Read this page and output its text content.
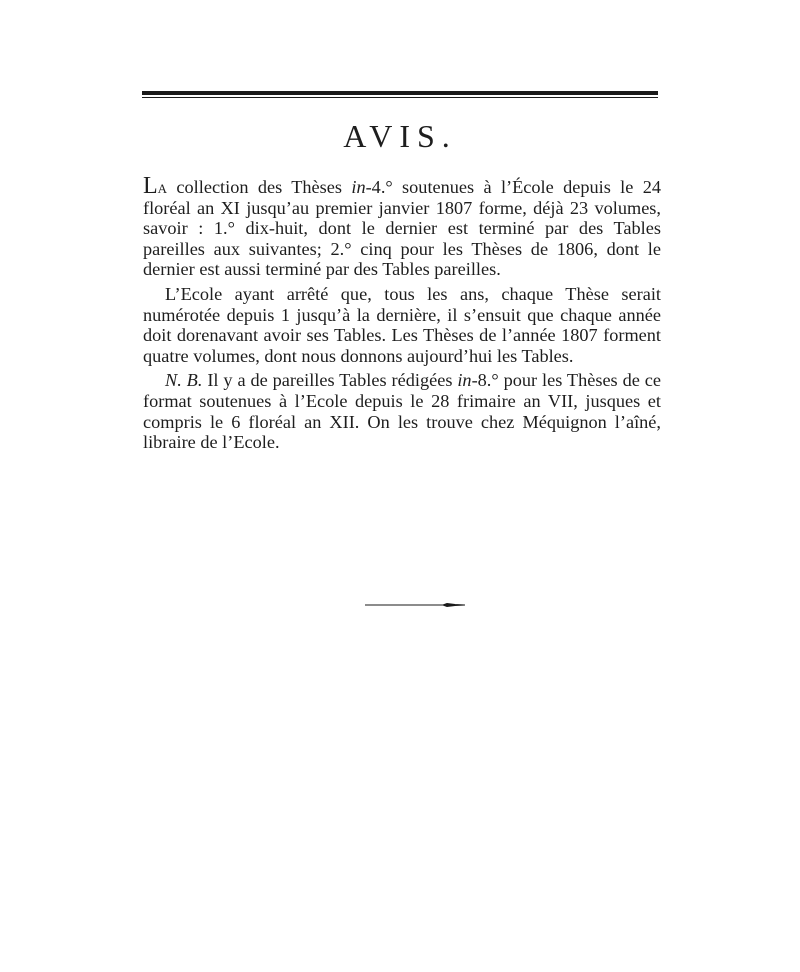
AVIS.

La collection des Thèses in-4.° soutenues à l’École depuis le 24 floréal an XI jusqu’au premier janvier 1807 forme, déjà 23 volumes, savoir : 1.° dix-huit, dont le dernier est terminé par des Tables pareilles aux suivantes; 2.° cinq pour les Thèses de 1806, dont le dernier est aussi terminé par des Tables pareilles.

L’Ecole ayant arrêté que, tous les ans, chaque Thèse serait numérotée depuis 1 jusqu’à la dernière, il s’ensuit que chaque année doit dorenavant avoir ses Tables. Les Thèses de l’année 1807 forment quatre volumes, dont nous donnons aujourd’hui les Tables.

N. B. Il y a de pareilles Tables rédigées in-8.° pour les Thèses de ce format soutenues à l’Ecole depuis le 28 frimaire an VII, jusques et compris le 6 floréal an XII. On les trouve chez Méquignon l’aîné, libraire de l’Ecole.
